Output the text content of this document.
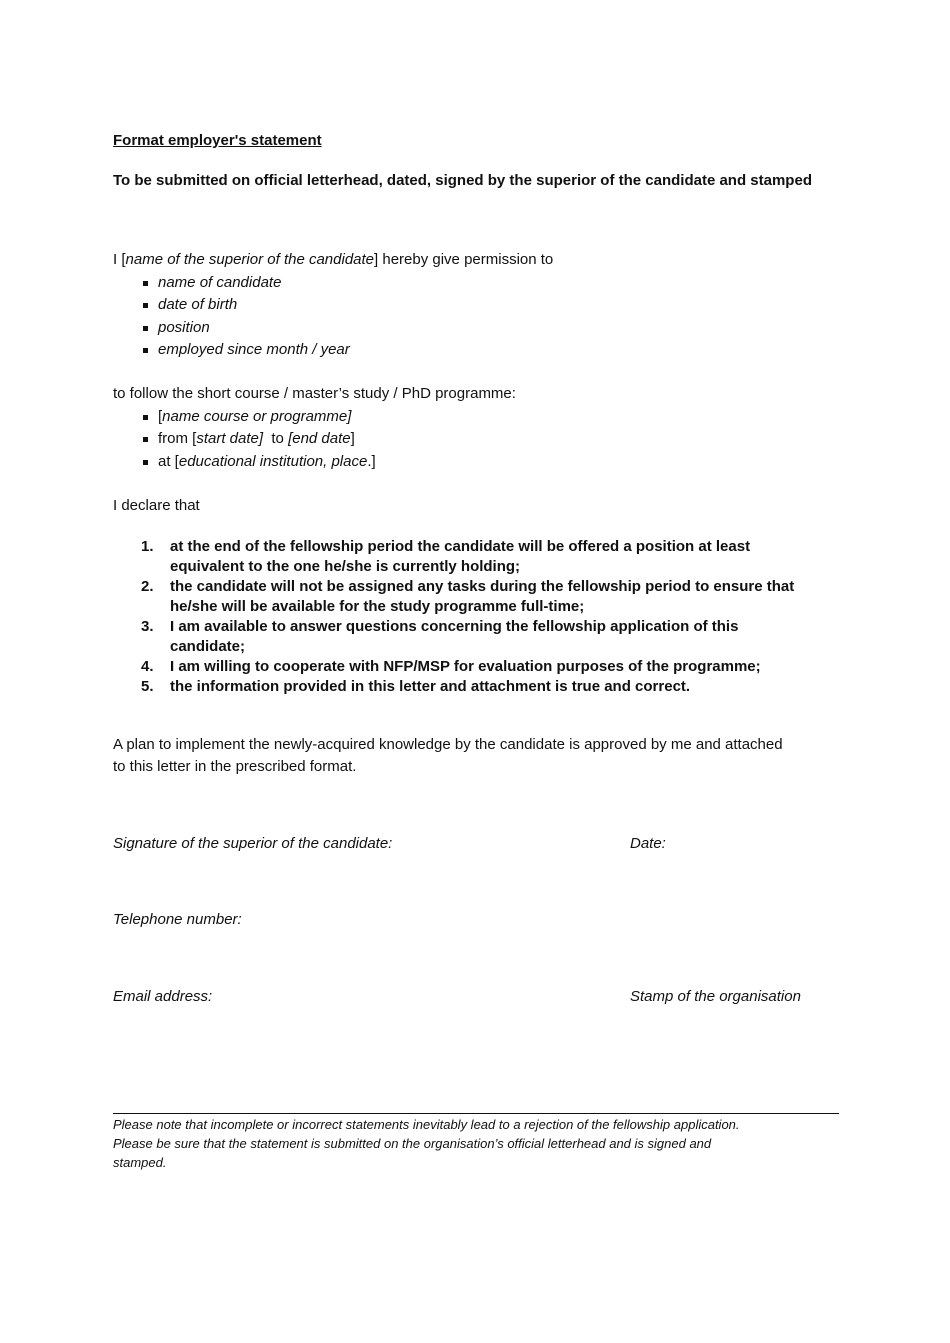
Format employer's statement
To be submitted on official letterhead, dated, signed by the superior of the candidate and stamped
I [name of the superior of the candidate] hereby give permission to
name of candidate
date of birth
position
employed since month / year
to follow the short course / master’s study / PhD programme:
[name course or programme]
from [start date]  to [end date]
at [educational institution, place.]
I declare that
1. at the end of the fellowship period the candidate will be offered a position at least
equivalent to the one he/she is currently holding;
2. the candidate will not be assigned any tasks during the fellowship period to ensure that
he/she will be available for the study programme full-time;
3. I am available to answer questions concerning the fellowship application of this
candidate;
4. I am willing to cooperate with NFP/MSP for evaluation purposes of the programme;
5. the information provided in this letter and attachment is true and correct.
A plan to implement the newly-acquired knowledge by the candidate is approved by me and attached
to this letter in the prescribed format.
Signature of the superior of the candidate:	Date:
Telephone number:
Email address:	Stamp of the organisation
Please note that incomplete or incorrect statements inevitably lead to a rejection of the fellowship application.
Please be sure that the statement is submitted on the organisation’s official letterhead and is signed and
stamped.
